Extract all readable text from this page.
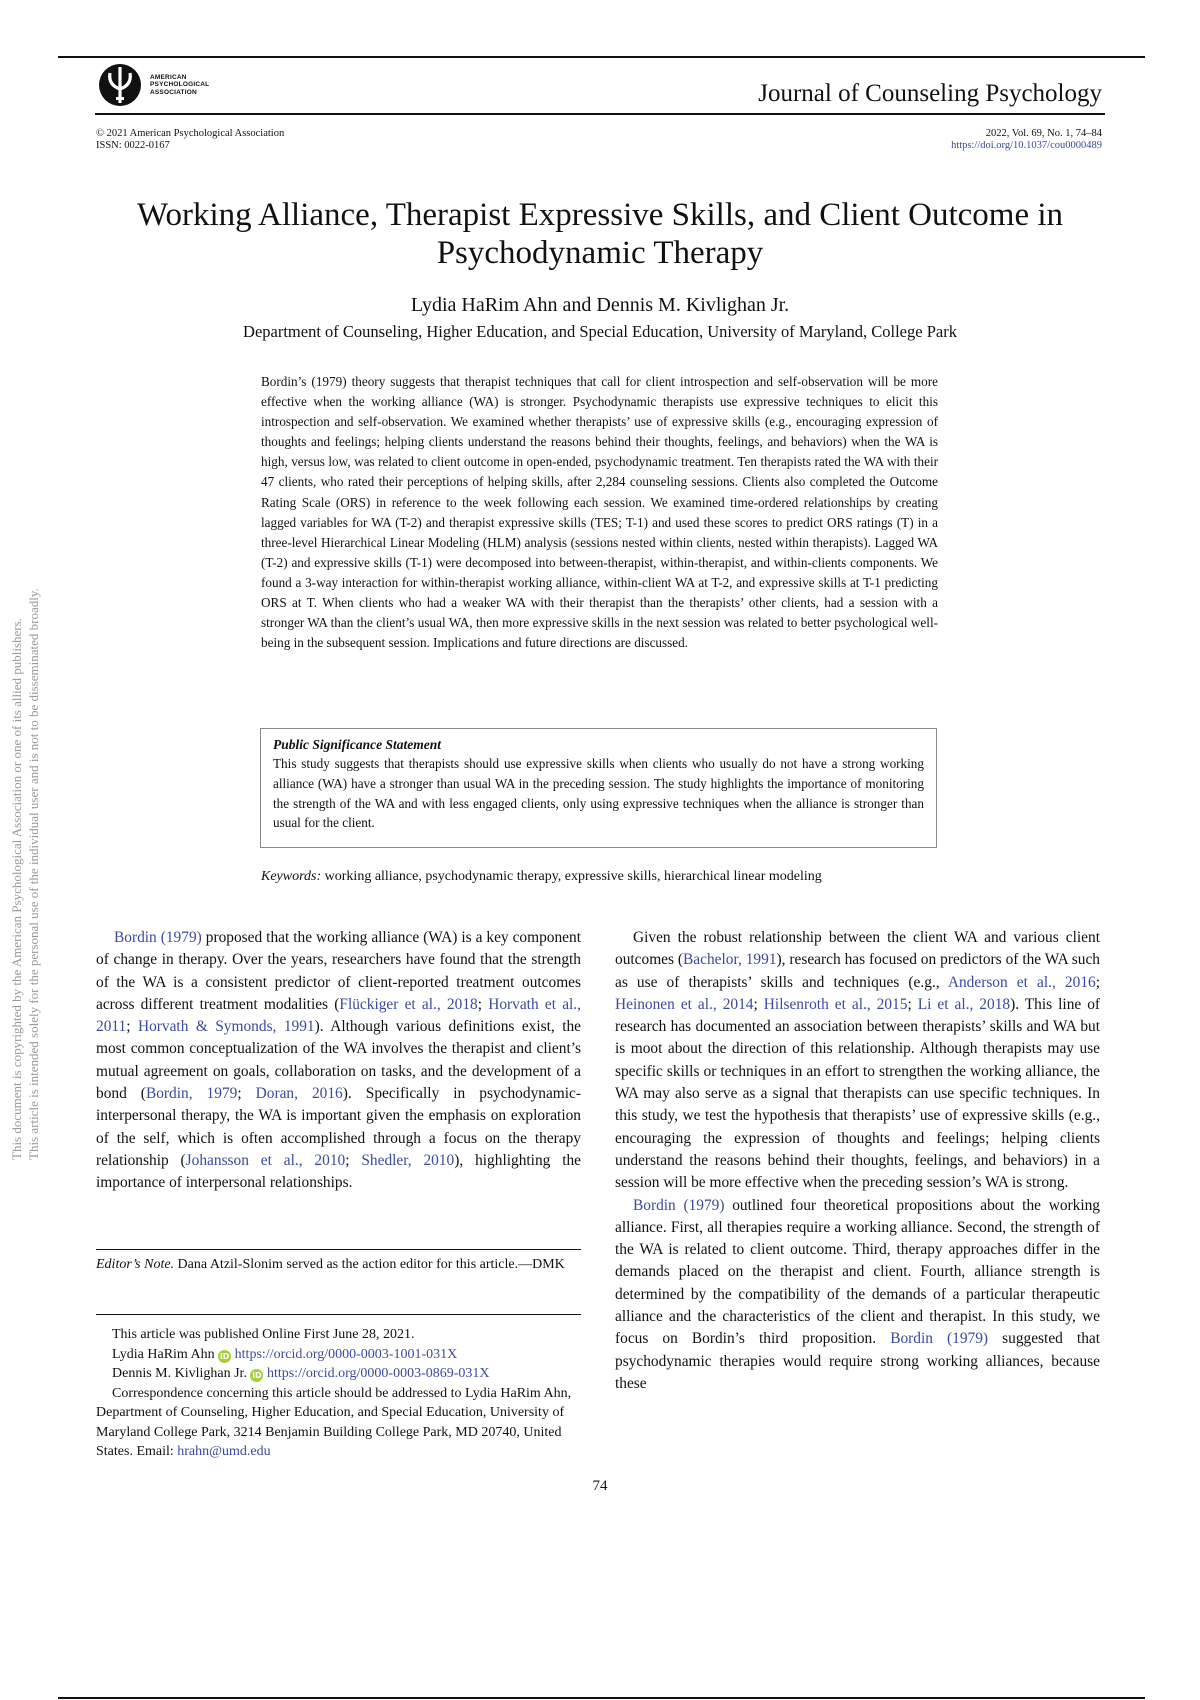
This document is copyrighted by the American Psychological Association or one of its allied publishers. This article is intended solely for the personal use of the individual user and is not to be disseminated broadly.
AMERICAN
PSYCHOLOGICAL
ASSOCIATION	Journal of Counseling Psychology
© 2021 American Psychological Association
ISSN: 0022-0167
2022, Vol. 69, No. 1, 74–84
https://doi.org/10.1037/cou0000489
Working Alliance, Therapist Expressive Skills, and Client Outcome in Psychodynamic Therapy
Lydia HaRim Ahn and Dennis M. Kivlighan Jr.
Department of Counseling, Higher Education, and Special Education, University of Maryland, College Park
Bordin’s (1979) theory suggests that therapist techniques that call for client introspection and self-observation will be more effective when the working alliance (WA) is stronger. Psychodynamic therapists use expressive techniques to elicit this introspection and self-observation. We examined whether therapists’ use of expressive skills (e.g., encouraging expression of thoughts and feelings; helping clients understand the reasons behind their thoughts, feelings, and behaviors) when the WA is high, versus low, was related to client outcome in open-ended, psychodynamic treatment. Ten therapists rated the WA with their 47 clients, who rated their perceptions of helping skills, after 2,284 counseling sessions. Clients also completed the Outcome Rating Scale (ORS) in reference to the week following each session. We examined time-ordered relationships by creating lagged variables for WA (T-2) and therapist expressive skills (TES; T-1) and used these scores to predict ORS ratings (T) in a three-level Hierarchical Linear Modeling (HLM) analysis (sessions nested within clients, nested within therapists). Lagged WA (T-2) and expressive skills (T-1) were decomposed into between-therapist, within-therapist, and within-clients components. We found a 3-way interaction for within-therapist working alliance, within-client WA at T-2, and expressive skills at T-1 predicting ORS at T. When clients who had a weaker WA with their therapist than the therapists’ other clients, had a session with a stronger WA than the client’s usual WA, then more expressive skills in the next session was related to better psychological well-being in the subsequent session. Implications and future directions are discussed.
Public Significance Statement
This study suggests that therapists should use expressive skills when clients who usually do not have a strong working alliance (WA) have a stronger than usual WA in the preceding session. The study highlights the importance of monitoring the strength of the WA and with less engaged clients, only using expressive techniques when the alliance is stronger than usual for the client.
Keywords: working alliance, psychodynamic therapy, expressive skills, hierarchical linear modeling

Bordin (1979) proposed that the working alliance (WA) is a key component of change in therapy. Over the years, researchers have found that the strength of the WA is a consistent predictor of client-reported treatment outcomes across different treatment modalities (Flückiger et al., 2018; Horvath et al., 2011; Horvath & Symonds, 1991). Although various definitions exist, the most common conceptualization of the WA involves the therapist and client’s mutual agreement on goals, collaboration on tasks, and the development of a bond (Bordin, 1979; Doran, 2016). Specifically in psychodynamic-interpersonal therapy, the WA is important given the emphasis on exploration of the self, which is often accomplished through a focus on the therapy relationship (Johansson et al., 2010; Shedler, 2010), highlighting the importance of interpersonal relationships.

Editor’s Note. Dana Atzil-Slonim served as the action editor for this article.—DMK

This article was published Online First June 28, 2021.

Lydia HaRim Ahn iD https://orcid.org/0000-0003-1001-031X

Dennis M. Kivlighan Jr. iD https://orcid.org/0000-0003-0869-031X

Correspondence concerning this article should be addressed to Lydia HaRim Ahn, Department of Counseling, Higher Education, and Special Education, University of Maryland College Park, 3214 Benjamin Building College Park, MD 20740, United States. Email: hrahn@umd.edu

Given the robust relationship between the client WA and various client outcomes (Bachelor, 1991), research has focused on predictors of the WA such as use of therapists’ skills and techniques (e.g., Anderson et al., 2016; Heinonen et al., 2014; Hilsenroth et al., 2015; Li et al., 2018). This line of research has documented an association between therapists’ skills and WA but is moot about the direction of this relationship. Although therapists may use specific skills or techniques in an effort to strengthen the working alliance, the WA may also serve as a signal that therapists can use specific techniques. In this study, we test the hypothesis that therapists’ use of expressive skills (e.g., encouraging the expression of thoughts and feelings; helping clients understand the reasons behind their thoughts, feelings, and behaviors) in a session will be more effective when the preceding session’s WA is strong.

Bordin (1979) outlined four theoretical propositions about the working alliance. First, all therapies require a working alliance. Second, the strength of the WA is related to client outcome. Third, therapy approaches differ in the demands placed on the therapist and client. Fourth, alliance strength is determined by the compatibility of the demands of a particular therapeutic alliance and the characteristics of the client and therapist. In this study, we focus on Bordin’s third proposition. Bordin (1979) suggested that psychodynamic therapies would require strong working alliances, because these

74
